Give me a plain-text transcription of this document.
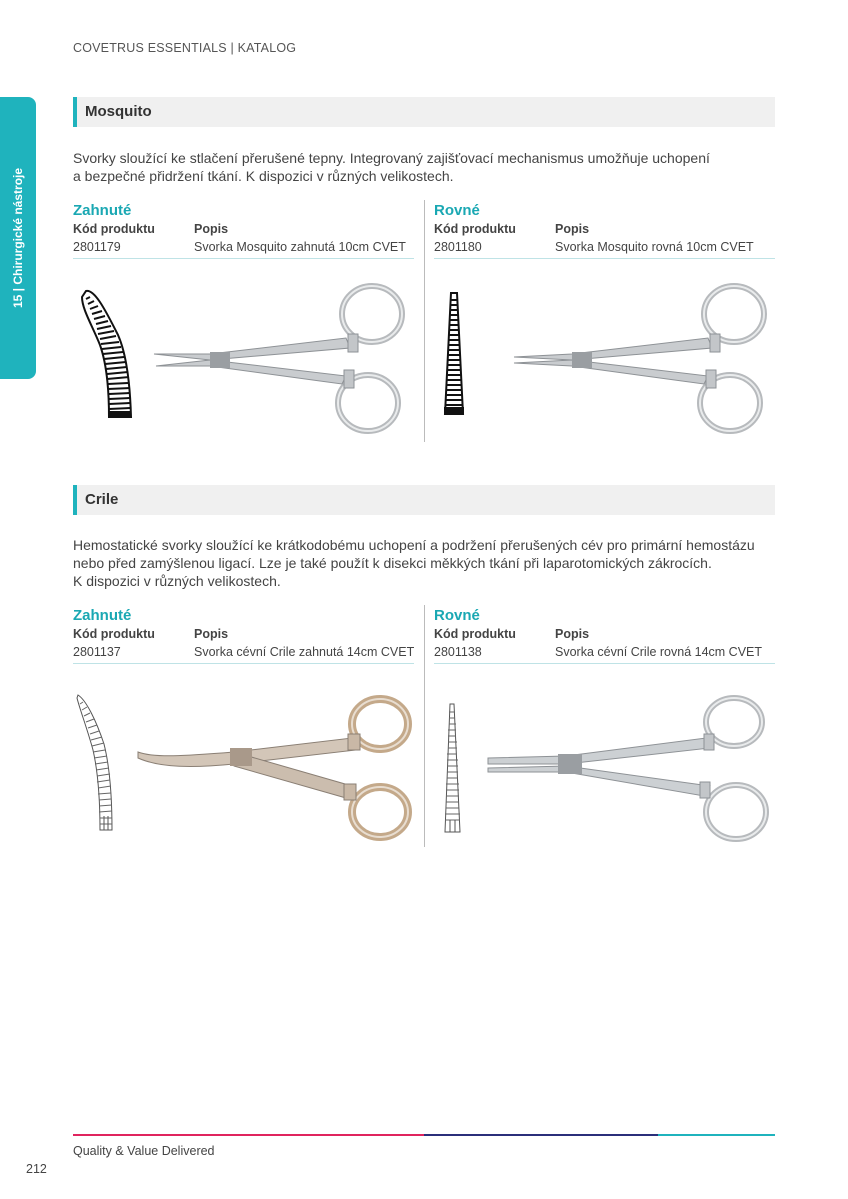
COVETRUS ESSENTIALS | KATALOG
15 | Chirurgické nástroje
Mosquito
Svorky sloužící ke stlačení přerušené tepny. Integrovaný zajišťovací mechanismus umožňuje uchopení
a bezpečné přidržení tkání. K dispozici v různých velikostech.
Zahnuté
Kód produktu	Popis
2801179	Svorka Mosquito zahnutá 10cm CVET
Rovné
Kód produktu	Popis
2801180	Svorka Mosquito rovná 10cm CVET
Crile
Hemostatické svorky sloužící ke krátkodobému uchopení a podržení přerušených cév pro primární hemostázu
nebo před zamýšlenou ligací. Lze je také použít k disekci měkkých tkání při laparotomických zákrocích.
K dispozici v různých velikostech.
Zahnuté
Kód produktu	Popis
2801137	Svorka cévní Crile zahnutá 14cm CVET
Rovné
Kód produktu	Popis
2801138	Svorka cévní Crile rovná 14cm CVET
Quality & Value Delivered
212
